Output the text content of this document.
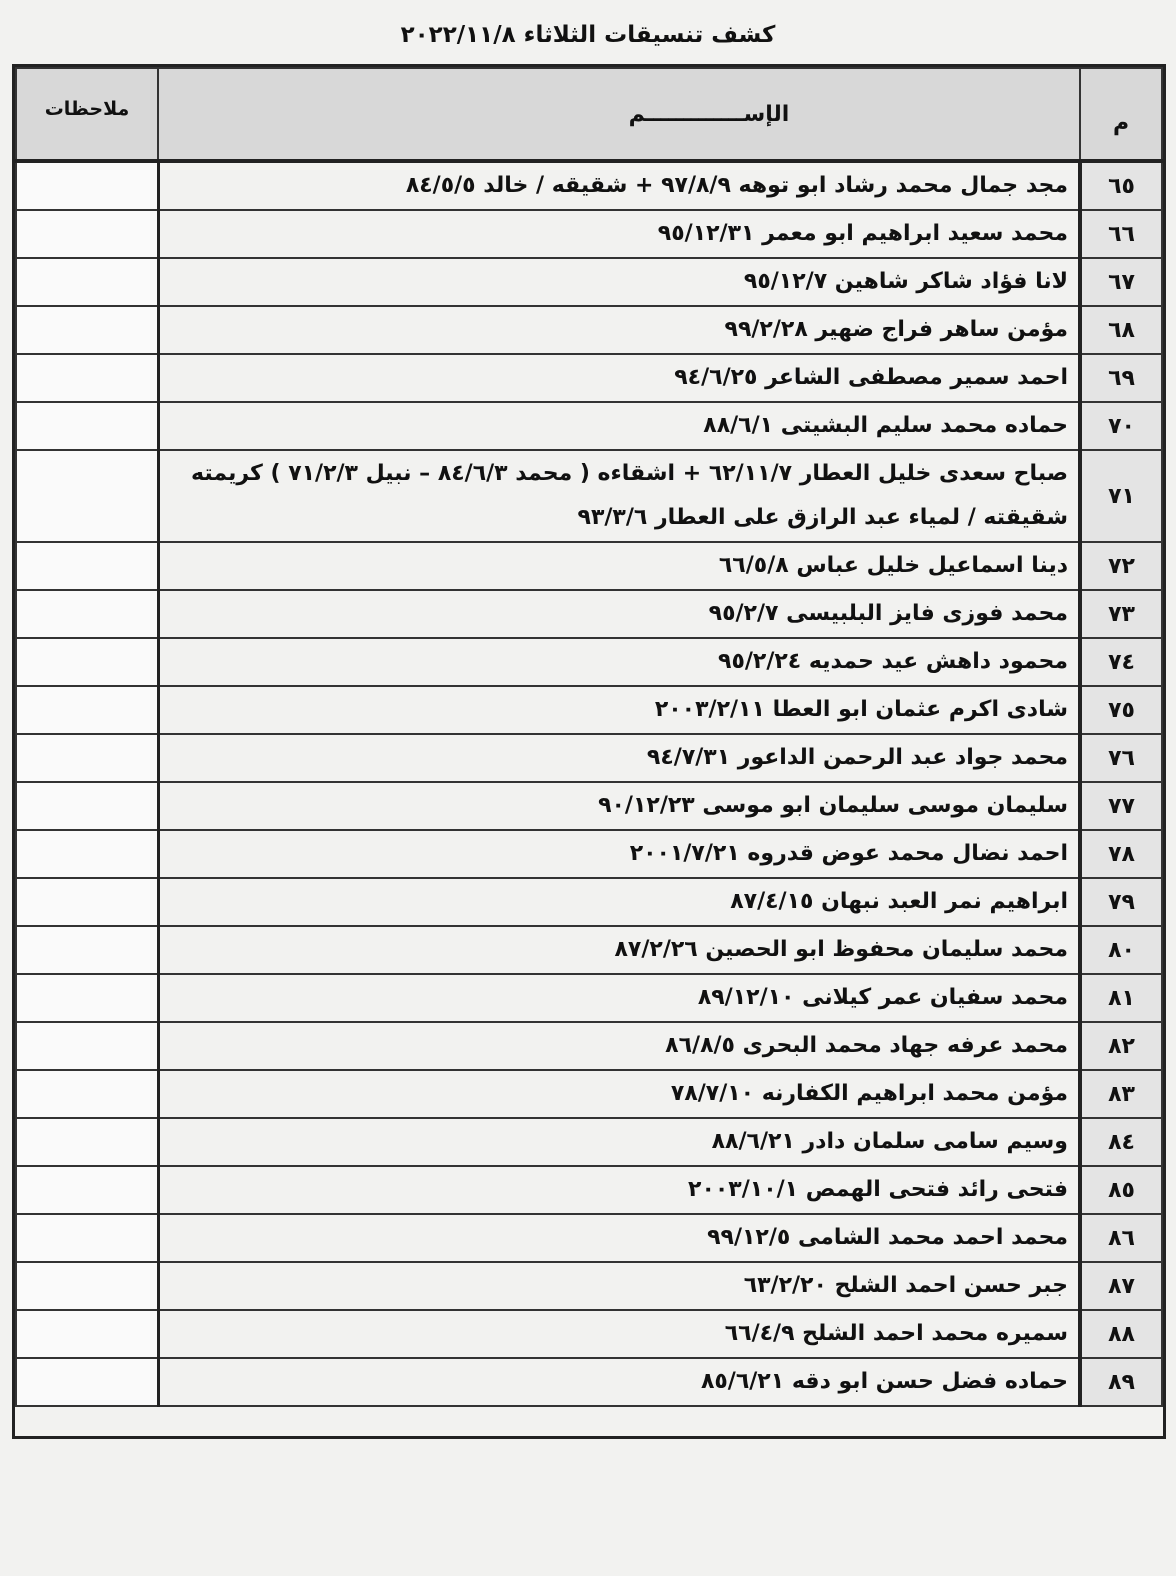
كشف تنسيقات الثلاثاء ٢٠٢٢/١١/٨
م	الإســـــــــــــم	ملاحظات
٦٥	مجد جمال محمد رشاد ابو توهه ٩٧/٨/٩ + شقيقه / خالد ٨٤/٥/٥	
٦٦	محمد سعيد ابراهيم ابو معمر ٩٥/١٢/٣١	
٦٧	لانا فؤاد شاكر شاهين ٩٥/١٢/٧	
٦٨	مؤمن ساهر فراج ضهير ٩٩/٢/٢٨	
٦٩	احمد سمير مصطفى الشاعر ٩٤/٦/٢٥	
٧٠	حماده محمد سليم البشيتى ٨٨/٦/١	
٧١	صباح سعدى خليل العطار ٦٢/١١/٧ + اشقاءه ( محمد ٨٤/٦/٣ – نبيل ٧١/٢/٣ ) كريمته شقيقته / لمياء عبد الرازق على العطار ٩٣/٣/٦	
٧٢	دينا اسماعيل خليل عباس ٦٦/٥/٨	
٧٣	محمد فوزى فايز البلبيسى ٩٥/٢/٧	
٧٤	محمود داهش عيد حمديه ٩٥/٢/٢٤	
٧٥	شادى اكرم عثمان ابو العطا ٢٠٠٣/٢/١١	
٧٦	محمد جواد عبد الرحمن الداعور ٩٤/٧/٣١	
٧٧	سليمان موسى سليمان ابو موسى ٩٠/١٢/٢٣	
٧٨	احمد نضال محمد عوض قدروه ٢٠٠١/٧/٢١	
٧٩	ابراهيم نمر العبد نبهان ٨٧/٤/١٥	
٨٠	محمد سليمان محفوظ ابو الحصين ٨٧/٢/٢٦	
٨١	محمد سفيان عمر كيلانى ٨٩/١٢/١٠	
٨٢	محمد عرفه جهاد محمد البحرى ٨٦/٨/٥	
٨٣	مؤمن محمد ابراهيم الكفارنه ٧٨/٧/١٠	
٨٤	وسيم سامى سلمان دادر ٨٨/٦/٢١	
٨٥	فتحى رائد فتحى الهمص ٢٠٠٣/١٠/١	
٨٦	محمد احمد محمد الشامى ٩٩/١٢/٥	
٨٧	جبر حسن احمد الشلح ٦٣/٢/٢٠	
٨٨	سميره محمد احمد الشلح ٦٦/٤/٩	
٨٩	حماده فضل حسن ابو دقه ٨٥/٦/٢١	
